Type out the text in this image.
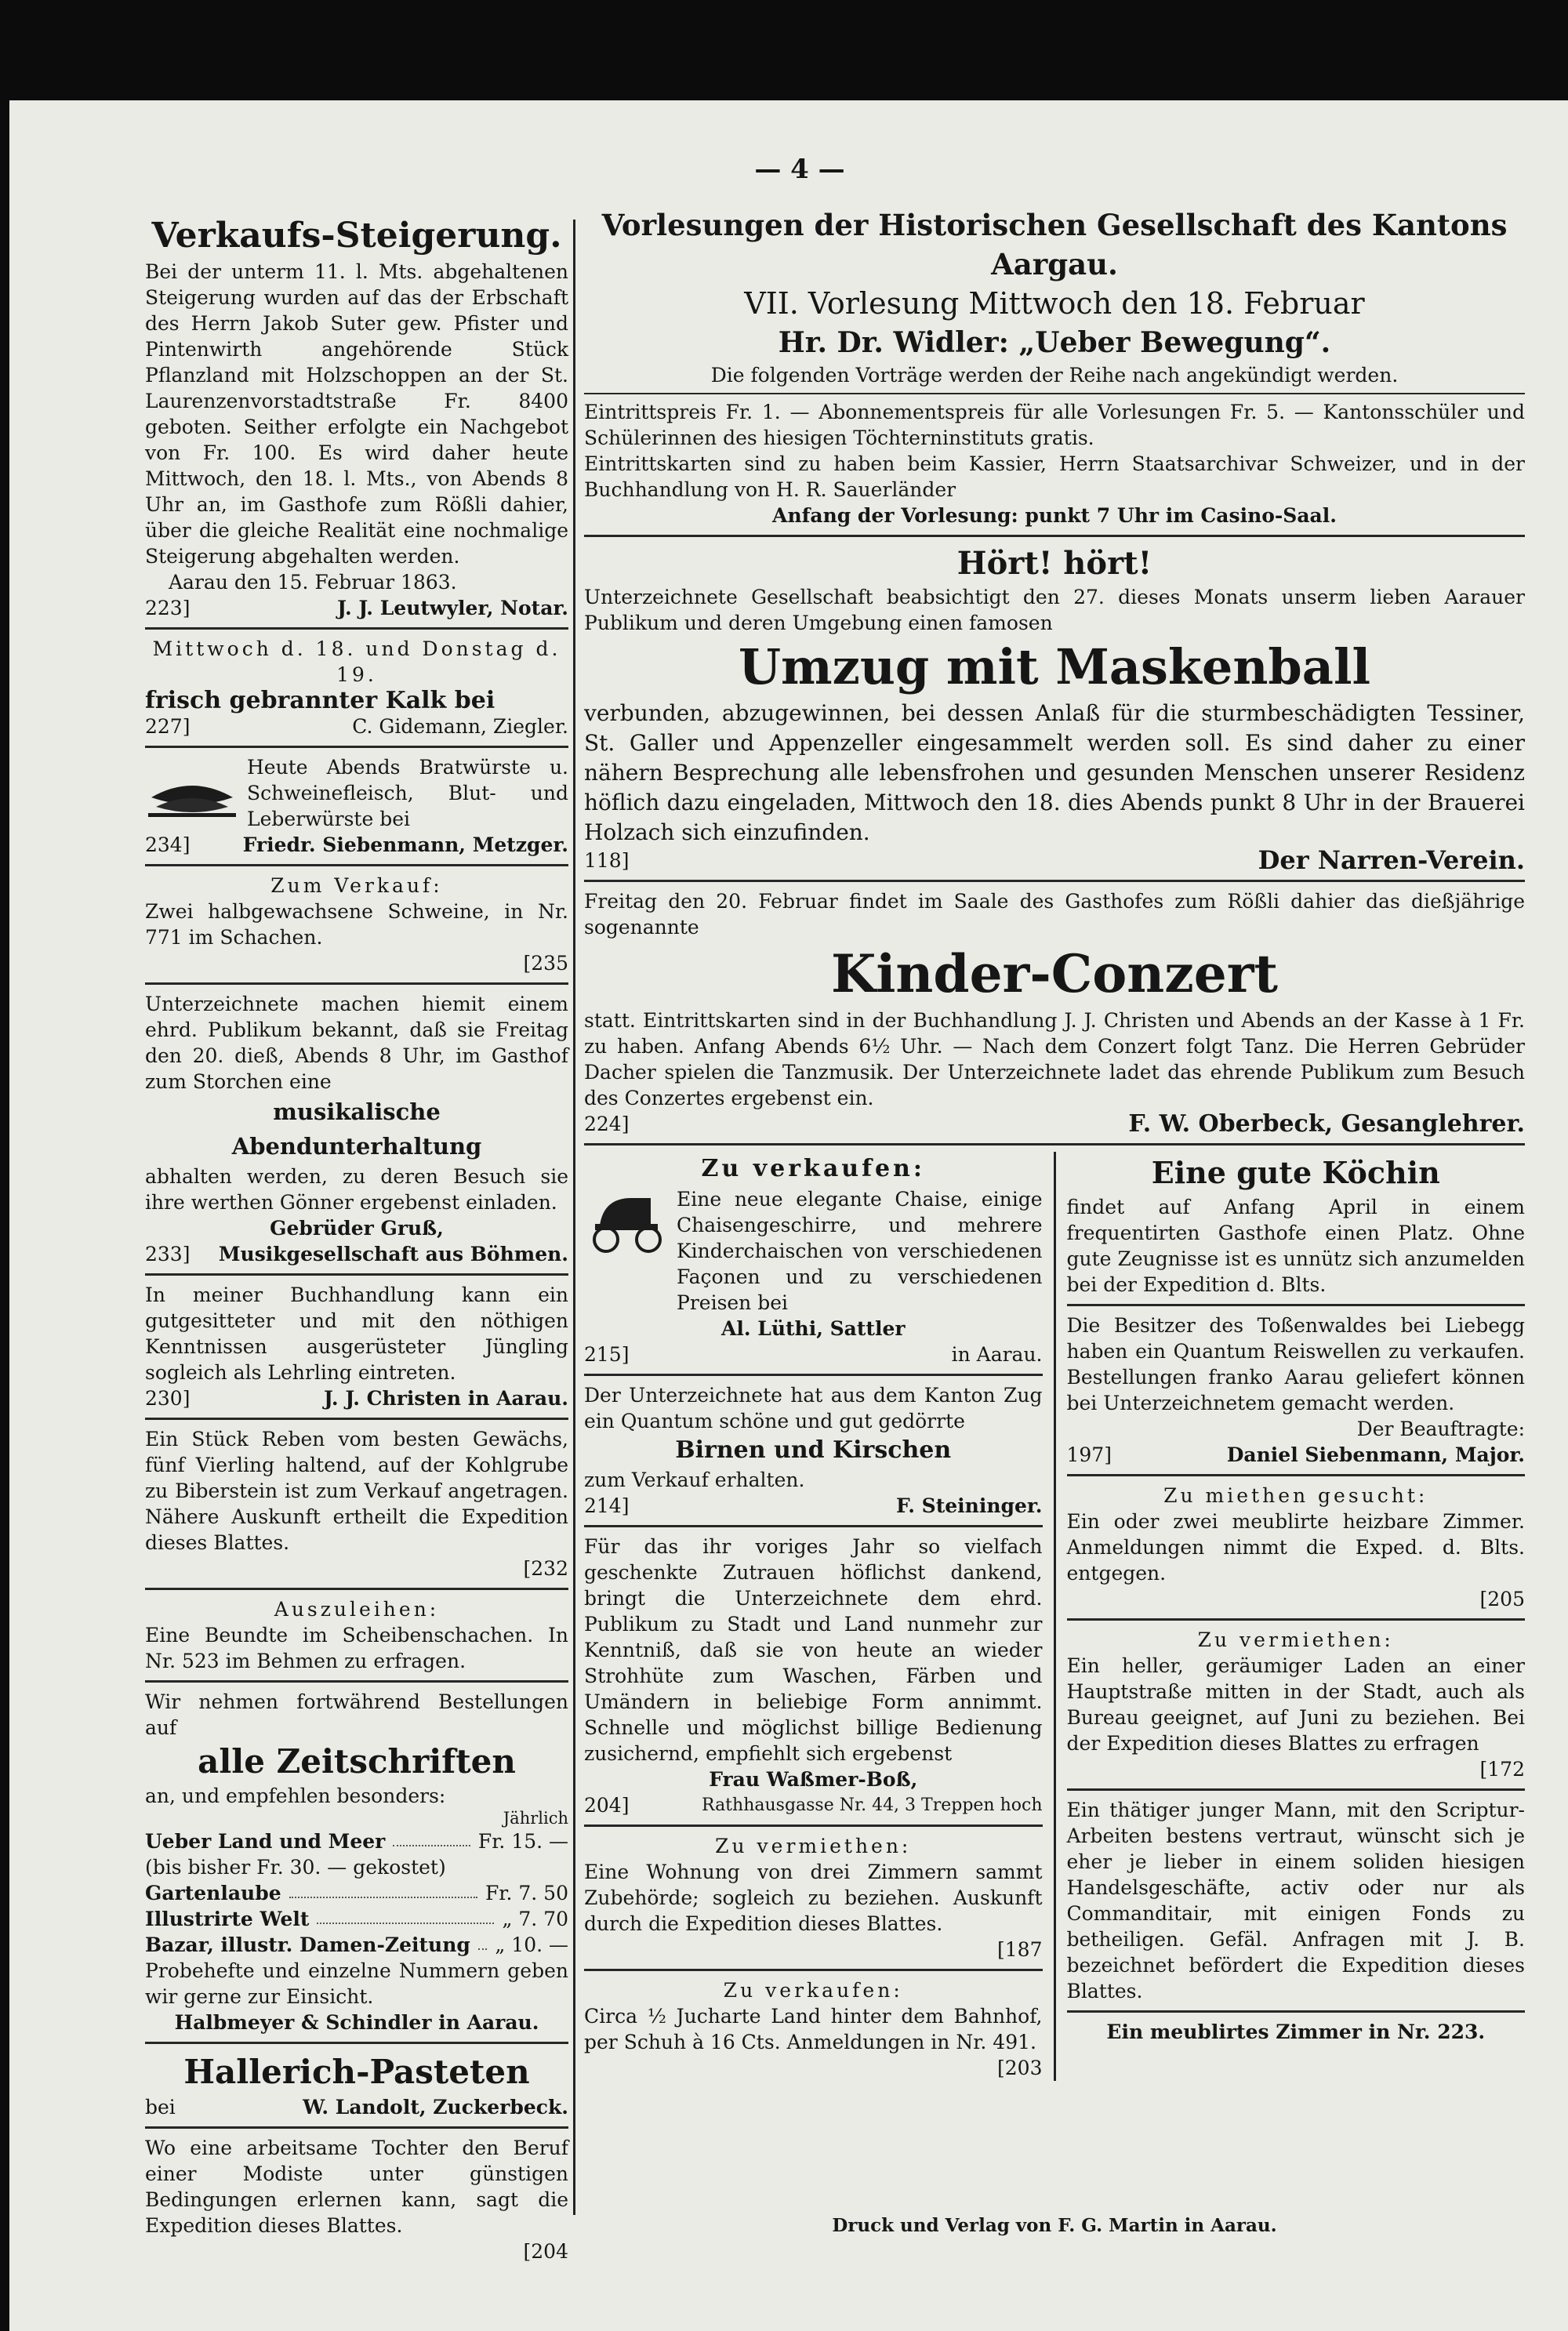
— 4 —

Verkaufs-Steigerung.

Bei der unterm 11. l. Mts. abgehaltenen Steigerung wurden auf das der Erbschaft des Herrn Jakob Suter gew. Pfister und Pintenwirth angehörende Stück Pflanzland mit Holzschoppen an der St. Laurenzenvorstadtstraße Fr. 8400 geboten. Seither erfolgte ein Nachgebot von Fr. 100. Es wird daher heute Mittwoch, den 18. l. Mts., von Abends 8 Uhr an, im Gasthofe zum Rößli dahier, über die gleiche Realität eine nochmalige Steigerung abgehalten werden.

Aarau den 15. Februar 1863.

223]	J. J. Leutwyler, Notar.

Mittwoch d. 18. und Donstag d. 19.

frisch gebrannter Kalk bei

227]	C. Gidemann, Ziegler.

Heute Abends Bratwürste u. Schweinefleisch, Blut- und Leberwürste bei

234]	Friedr. Siebenmann, Metzger.

Zum Verkauf:

Zwei halbgewachsene Schweine, in Nr. 771 im Schachen.

[235

Unterzeichnete machen hiemit einem ehrd. Publikum bekannt, daß sie Freitag den 20. dieß, Abends 8 Uhr, im Gasthof zum Storchen eine

musikalische Abendunterhaltung

abhalten werden, zu deren Besuch sie ihre werthen Gönner ergebenst einladen.

Gebrüder Gruß,

233] Musikgesellschaft aus Böhmen.

In meiner Buchhandlung kann ein gutgesitteter und mit den nöthigen Kenntnissen ausgerüsteter Jüngling sogleich als Lehrling eintreten.

230]	J. J. Christen in Aarau.

Ein Stück Reben vom besten Gewächs, fünf Vierling haltend, auf der Kohlgrube zu Biberstein ist zum Verkauf angetragen. Nähere Auskunft ertheilt die Expedition dieses Blattes.

[232

Auszuleihen:

Eine Beundte im Scheibenschachen. In Nr. 523 im Behmen zu erfragen.

Wir nehmen fortwährend Bestellungen auf

alle Zeitschriften

an, und empfehlen besonders:

Jährlich

Ueber Land und Meer	Fr. 15. —
(bis bisher Fr. 30. — gekostet)
Gartenlaube	Fr. 7. 50
Illustrirte Welt	„ 7. 70
Bazar, illustr. Damen-Zeitung „ 10. —

Probehefte und einzelne Nummern geben wir gerne zur Einsicht.

Halbmeyer & Schindler in Aarau.

Hallerich-Pasteten

bei	W. Landolt, Zuckerbeck.

Wo eine arbeitsame Tochter den Beruf einer Modiste unter günstigen Bedingungen erlernen kann, sagt die Expedition dieses Blattes.

[204

Vorlesungen der Historischen Gesellschaft des Kantons Aargau.

VII. Vorlesung Mittwoch den 18. Februar

Hr. Dr. Widler: „Ueber Bewegung“.

Die folgenden Vorträge werden der Reihe nach angekündigt werden.

Eintrittspreis Fr. 1. — Abonnementspreis für alle Vorlesungen Fr. 5. — Kantonsschüler und Schülerinnen des hiesigen Töchterninstituts gratis.

Eintrittskarten sind zu haben beim Kassier, Herrn Staatsarchivar Schweizer, und in der Buchhandlung von H. R. Sauerländer

Anfang der Vorlesung: punkt 7 Uhr im Casino-Saal.

Hört! hört!

Unterzeichnete Gesellschaft beabsichtigt den 27. dieses Monats unserm lieben Aarauer Publikum und deren Umgebung einen famosen

Umzug mit Maskenball

verbunden, abzugewinnen, bei dessen Anlaß für die sturmbeschädigten Tessiner, St. Galler und Appenzeller eingesammelt werden soll. Es sind daher zu einer nähern Besprechung alle lebensfrohen und gesunden Menschen unserer Residenz höflich dazu eingeladen, Mittwoch den 18. dies Abends punkt 8 Uhr in der Brauerei Holzach sich einzufinden.

118]	Der Narren-Verein.

Freitag den 20. Februar findet im Saale des Gasthofes zum Rößli dahier das dießjährige sogenannte

Kinder-Conzert

statt. Eintrittskarten sind in der Buchhandlung J. J. Christen und Abends an der Kasse à 1 Fr. zu haben. Anfang Abends 6½ Uhr. — Nach dem Conzert folgt Tanz. Die Herren Gebrüder Dacher spielen die Tanzmusik. Der Unterzeichnete ladet das ehrende Publikum zum Besuch des Conzertes ergebenst ein.

224]	F. W. Oberbeck, Gesanglehrer.

Zu verkaufen:

Eine neue elegante Chaise, einige Chaisengeschirre, und mehrere Kinderchaischen von verschiedenen Façonen und zu verschiedenen Preisen bei

Al. Lüthi, Sattler

215]	in Aarau.

Der Unterzeichnete hat aus dem Kanton Zug ein Quantum schöne und gut gedörrte

Birnen und Kirschen

zum Verkauf erhalten.

214]	F. Steininger.

Für das ihr voriges Jahr so vielfach geschenkte Zutrauen höflichst dankend, bringt die Unterzeichnete dem ehrd. Publikum zu Stadt und Land nunmehr zur Kenntniß, daß sie von heute an wieder Strohhüte zum Waschen, Färben und Umändern in beliebige Form annimmt. Schnelle und möglichst billige Bedienung zusichernd, empfiehlt sich ergebenst

Frau Waßmer-Boß,

204]	Rathhausgasse Nr. 44, 3 Treppen hoch

Zu vermiethen:

Eine Wohnung von drei Zimmern sammt Zubehörde; sogleich zu beziehen. Auskunft durch die Expedition dieses Blattes.

[187

Zu verkaufen:

Circa ½ Jucharte Land hinter dem Bahnhof, per Schuh à 16 Cts. Anmeldungen in Nr. 491.

[203

Eine gute Köchin

findet auf Anfang April in einem frequentirten Gasthofe einen Platz. Ohne gute Zeugnisse ist es unnütz sich anzumelden bei der Expedition d. Blts.

Die Besitzer des Toßenwaldes bei Liebegg haben ein Quantum Reiswellen zu verkaufen. Bestellungen franko Aarau geliefert können bei Unterzeichnetem gemacht werden.

Der Beauftragte:

197]	Daniel Siebenmann, Major.

Zu miethen gesucht:

Ein oder zwei meublirte heizbare Zimmer. Anmeldungen nimmt die Exped. d. Blts. entgegen.

[205

Zu vermiethen:

Ein heller, geräumiger Laden an einer Hauptstraße mitten in der Stadt, auch als Bureau geeignet, auf Juni zu beziehen. Bei der Expedition dieses Blattes zu erfragen

[172

Ein thätiger junger Mann, mit den Scriptur-Arbeiten bestens vertraut, wünscht sich je eher je lieber in einem soliden hiesigen Handelsgeschäfte, activ oder nur als Commanditair, mit einigen Fonds zu betheiligen. Gefäl. Anfragen mit J. B. bezeichnet befördert die Expedition dieses Blattes.

Ein meublirtes Zimmer in Nr. 223.

Druck und Verlag von F. G. Martin in Aarau.
